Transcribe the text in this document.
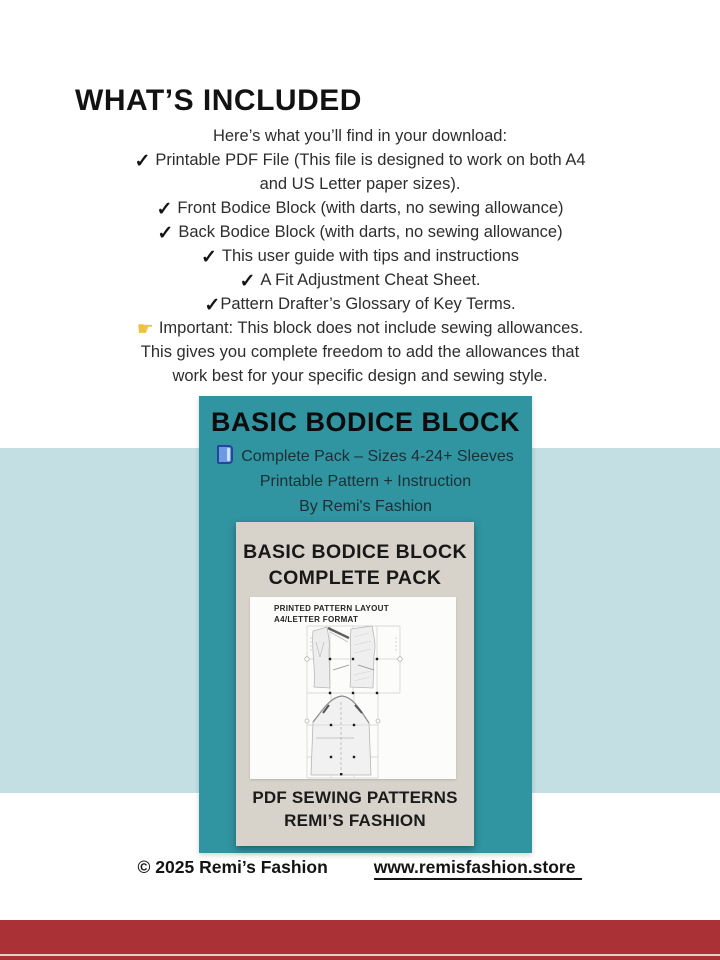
WHAT’S INCLUDED
Here’s what you’ll find in your download:
✓ Printable PDF File (This file is designed to work on both A4
and US Letter paper sizes).
✓ Front Bodice Block (with darts, no sewing allowance)
✓ Back Bodice Block (with darts, no sewing allowance)
✓ This user guide with tips and instructions
✓ A Fit Adjustment Cheat Sheet.
✓Pattern Drafter’s Glossary of Key Terms.
☛ Important: This block does not include sewing allowances.
This gives you complete freedom to add the allowances that
work best for your specific design and sewing style.
BASIC BODICE BLOCK
Complete Pack – Sizes 4-24+ Sleeves
Printable Pattern + Instruction
By Remi's Fashion
BASIC BODICE BLOCK
COMPLETE PACK
PRINTED PATTERN LAYOUT
A4/LETTER FORMAT
PDF SEWING PATTERNS
REMI’S FASHION
© 2025 Remi’s Fashion	www.remisfashion.store
